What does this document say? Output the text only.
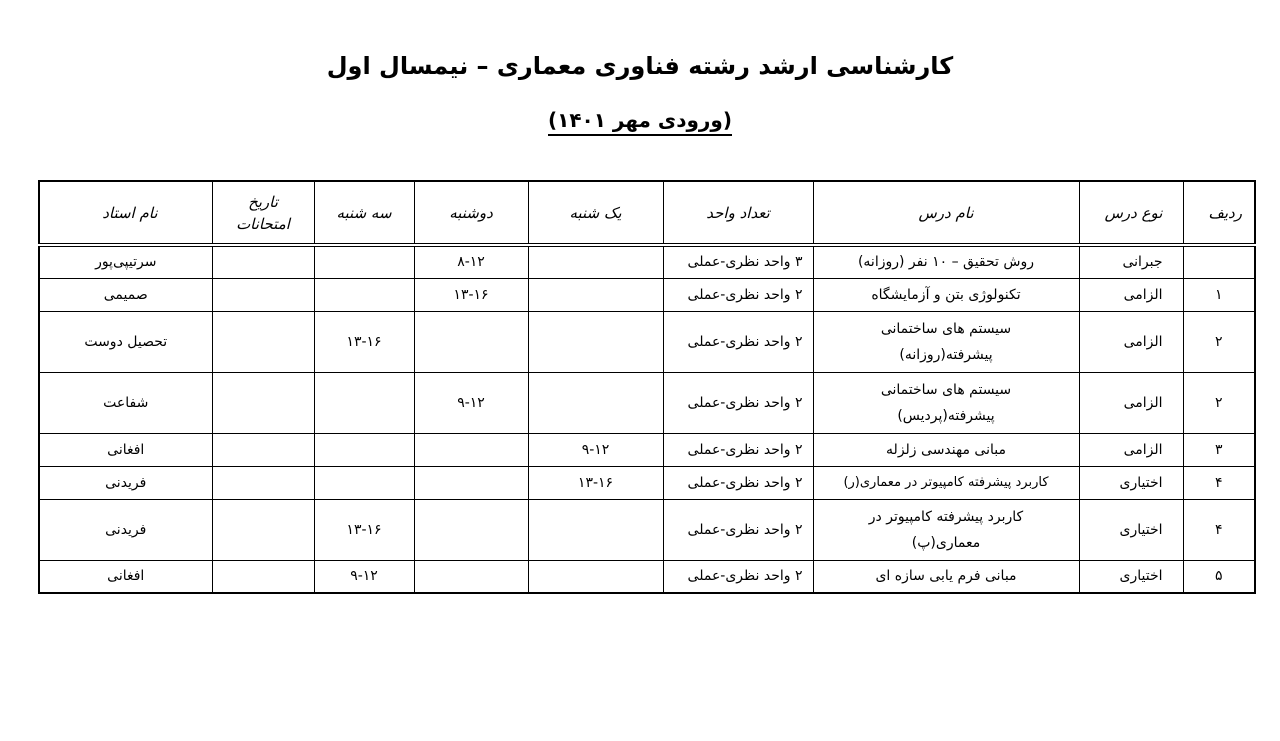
کارشناسی ارشد رشته فناوری معماری – نیمسال اول
(ورودی مهر ۱۴۰۱)
ردیف	نوع درس	نام درس	تعداد واحد	یک شنبه	دوشنبه	سه شنبه	تاریخ
امتحانات	نام استاد
	جبرانی	روش تحقیق – ۱۰ نفر (روزانه)	۳ واحد نظری-عملی		۸-۱۲			سرتیپی‌پور
۱	الزامی	تکنولوژی بتن و آزمایشگاه	۲ واحد نظری-عملی		۱۳-۱۶			صمیمی
۲	الزامی	سیستم های ساختمانی
پیشرفته(روزانه)	۲ واحد نظری-عملی			۱۳-۱۶		تحصیل دوست
۲	الزامی	سیستم های ساختمانی
پیشرفته(پردیس)	۲ واحد نظری-عملی		۹-۱۲			شفاعت
۳	الزامی	مبانی مهندسی زلزله	۲ واحد نظری-عملی	۹-۱۲				افغانی
۴	اختیاری	کاربرد پیشرفته کامپیوتر در معماری(ر)	۲ واحد نظری-عملی	۱۳-۱۶				فریدنی
۴	اختیاری	کاربرد پیشرفته کامپیوتر در
معماری(پ)	۲ واحد نظری-عملی			۱۳-۱۶		فریدنی
۵	اختیاری	مبانی فرم یابی سازه ای	۲ واحد نظری-عملی			۹-۱۲		افغانی
